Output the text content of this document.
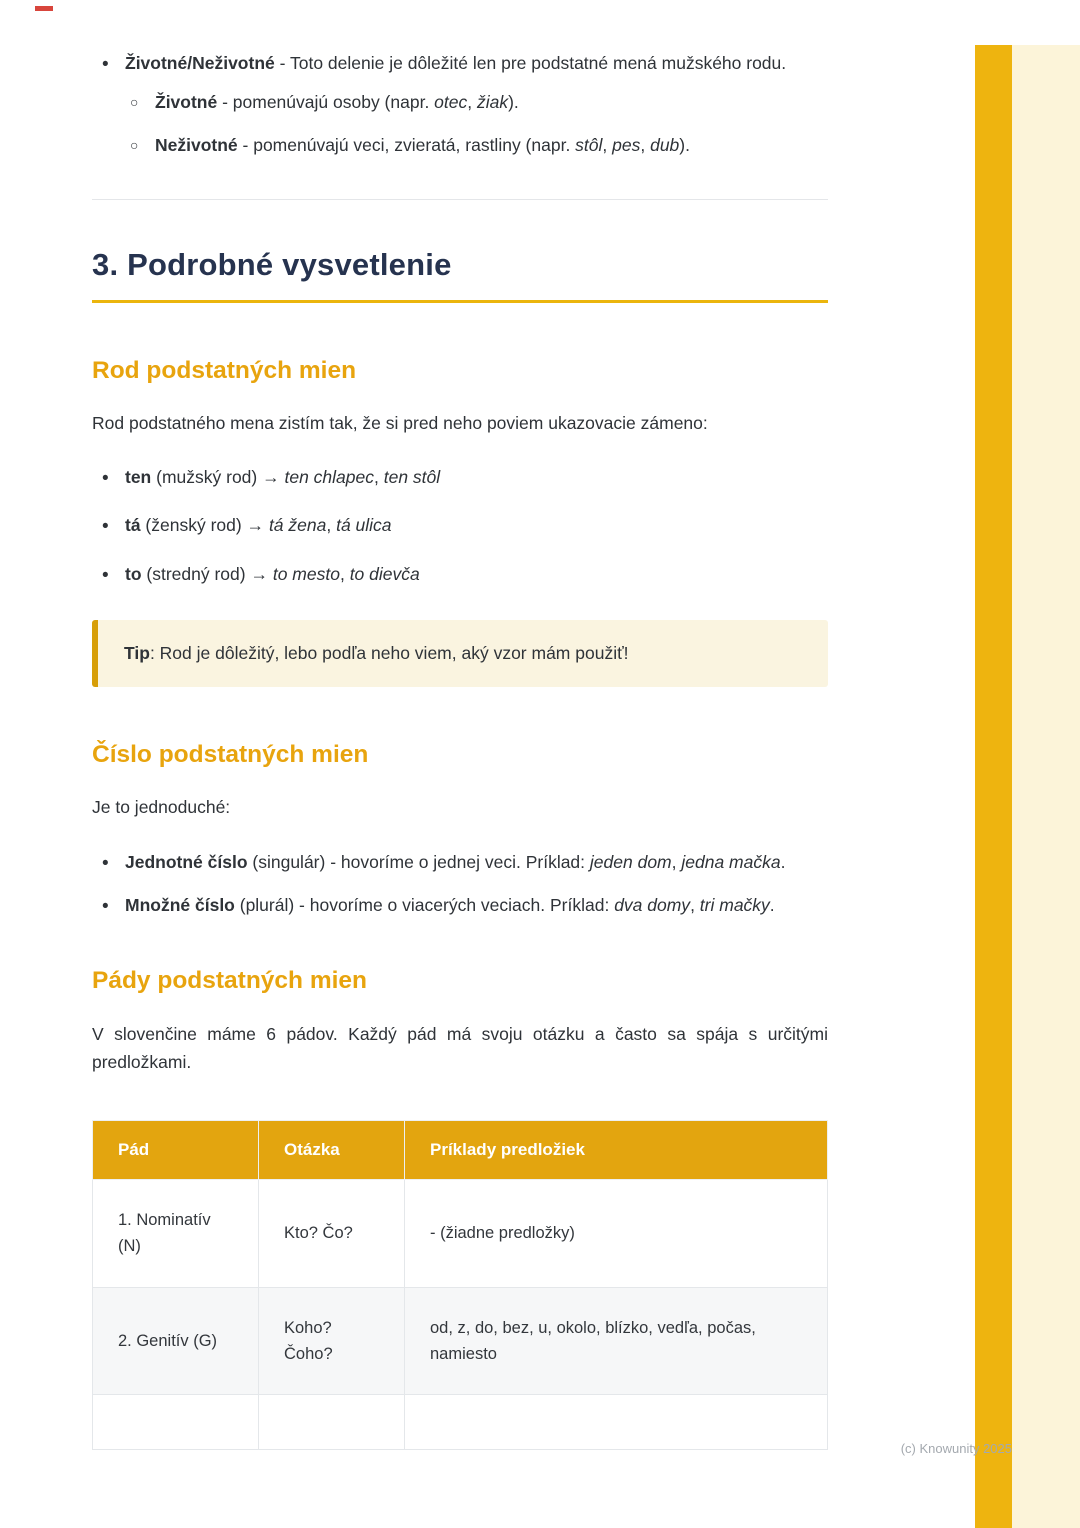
(c) Knowunity 2025
• Životné/Neživotné - Toto delenie je dôležité len pre podstatné mená mužského rodu.
○ Životné - pomenúvajú osoby (napr. otec, žiak).
○ Neživotné - pomenúvajú veci, zvieratá, rastliny (napr. stôl, pes, dub).
3. Podrobné vysvetlenie
Rod podstatných mien

Rod podstatného mena zistím tak, že si pred neho poviem ukazovacie zámeno:

• ten (mužský rod) → ten chlapec, ten stôl
• tá (ženský rod) → tá žena, tá ulica
• to (stredný rod) → to mesto, to dievča
Tip: Rod je dôležitý, lebo podľa neho viem, aký vzor mám použiť!
Číslo podstatných mien

Je to jednoduché:

• Jednotné číslo (singulár) - hovoríme o jednej veci. Príklad: jeden dom, jedna mačka.
• Množné číslo (plurál) - hovoríme o viacerých veciach. Príklad: dva domy, tri mačky.
Pády podstatných mien

V slovenčine máme 6 pádov. Každý pád má svoju otázku a často sa spája s určitými predložkami.

Pád	Otázka	Príklady predložiek
1. Nominatív (N)	Kto? Čo?	- (žiadne predložky)
2. Genitív (G)	Koho? Čoho?	od, z, do, bez, u, okolo, blízko, vedľa, počas, namiesto
